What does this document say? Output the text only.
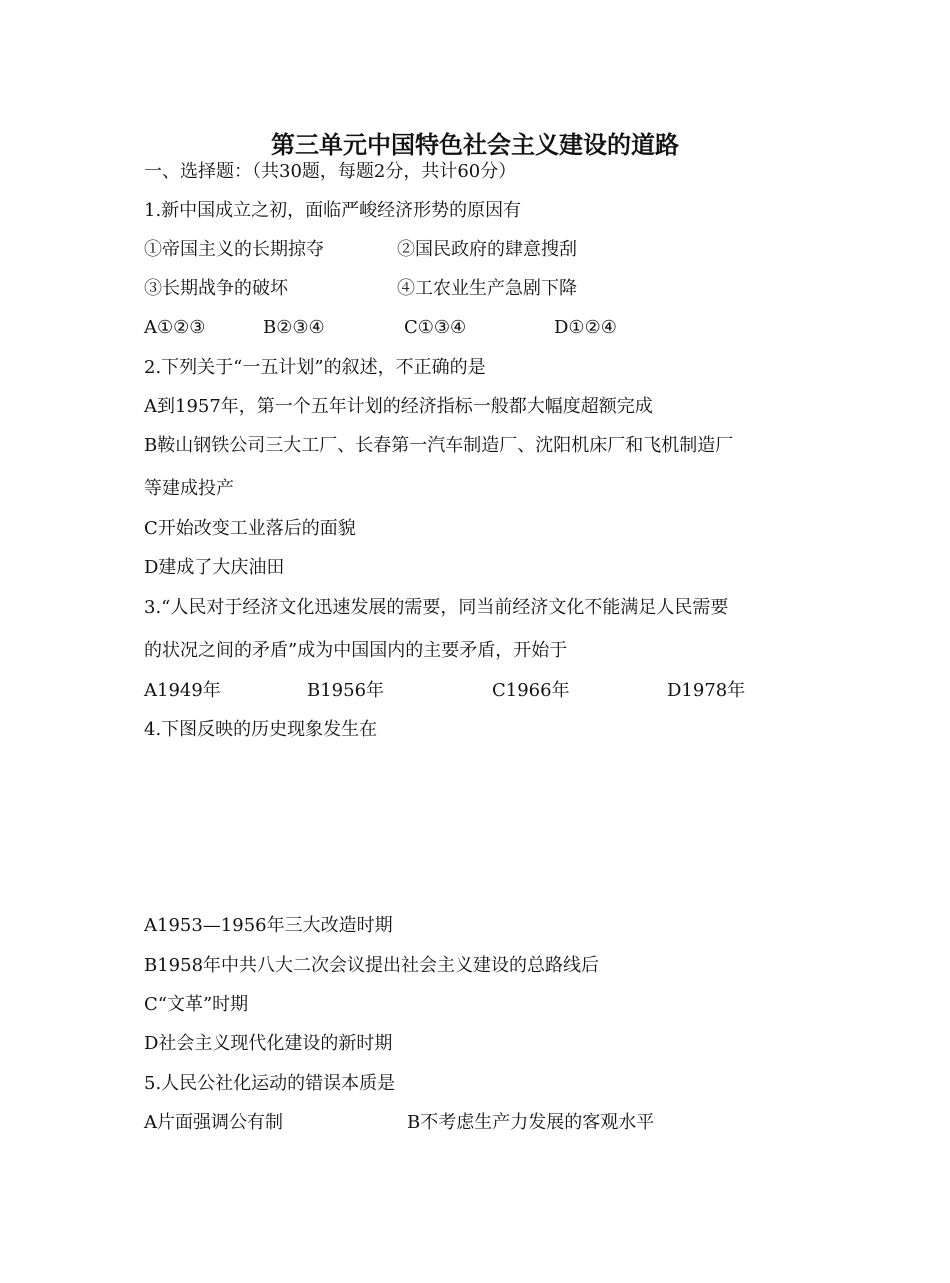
第三单元中国特色社会主义建设的道路
一、选择题：（共30题，每题2分，共计60分）
1.新中国成立之初，面临严峻经济形势的原因有
①帝国主义的长期掠夺	②国民政府的肆意搜刮
③长期战争的破坏	④工农业生产急剧下降
A①②③	B②③④	C①③④	D①②④
2.下列关于“一五计划”的叙述，不正确的是
A到1957年，第一个五年计划的经济指标一般都大幅度超额完成
B鞍山钢铁公司三大工厂、长春第一汽车制造厂、沈阳机床厂和飞机制造厂
等建成投产
C开始改变工业落后的面貌
D建成了大庆油田
3.“人民对于经济文化迅速发展的需要，同当前经济文化不能满足人民需要
的状况之间的矛盾”成为中国国内的主要矛盾，开始于
A1949年	B1956年	C1966年	D1978年
4.下图反映的历史现象发生在
A1953—1956年三大改造时期
B1958年中共八大二次会议提出社会主义建设的总路线后
C“文革”时期
D社会主义现代化建设的新时期
5.人民公社化运动的错误本质是
A片面强调公有制	B不考虑生产力发展的客观水平
